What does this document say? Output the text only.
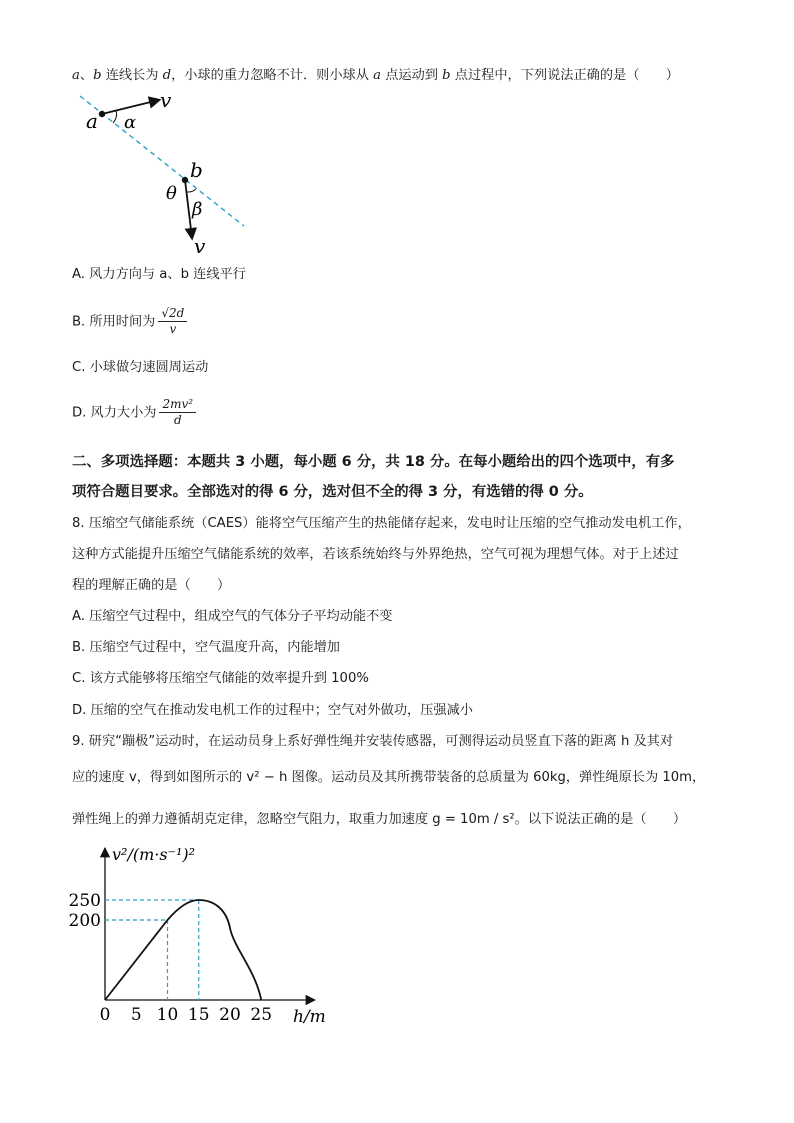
a、b 连线长为 d，小球的重力忽略不计．则小球从 a 点运动到 b 点过程中，下列说法正确的是（　　）
a
v
α
b
θ
β
v
A. 风力方向与 a、b 连线平行
B. 所用时间为 $\frac{√2d}{v}$
C. 小球做匀速圆周运动
D. 风力大小为 $\frac{\text{2mv²}}{d}$
二、多项选择题：本题共 3 小题，每小题 6 分，共 18 分。在每小题给出的四个选项中，有多
项符合题目要求。全部选对的得 6 分，选对但不全的得 3 分，有选错的得 0 分。
8. 压缩空气储能系统（CAES）能将空气压缩产生的热能储存起来，发电时让压缩的空气推动发电机工作，
这种方式能提升压缩空气储能系统的效率，若该系统始终与外界绝热，空气可视为理想气体。对于上述过
程的理解正确的是（　　）
A. 压缩空气过程中，组成空气的气体分子平均动能不变
B. 压缩空气过程中，空气温度升高，内能增加
C. 该方式能够将压缩空气储能的效率提升到 100%
D. 压缩的空气在推动发电机工作的过程中；空气对外做功，压强减小
9. 研究“蹦极”运动时，在运动员身上系好弹性绳并安装传感器，可测得运动员竖直下落的距离 h 及其对
应的速度 v，得到如图所示的 v² − h 图像。运动员及其所携带装备的总质量为 60kg，弹性绳原长为 10m，
弹性绳上的弹力遵循胡克定律，忽略空气阻力，取重力加速度 g = 10m / s²。以下说法正确的是（　　）
0 5 10 15 20 25
200
250
v²/(m·s⁻¹)²
h/m
